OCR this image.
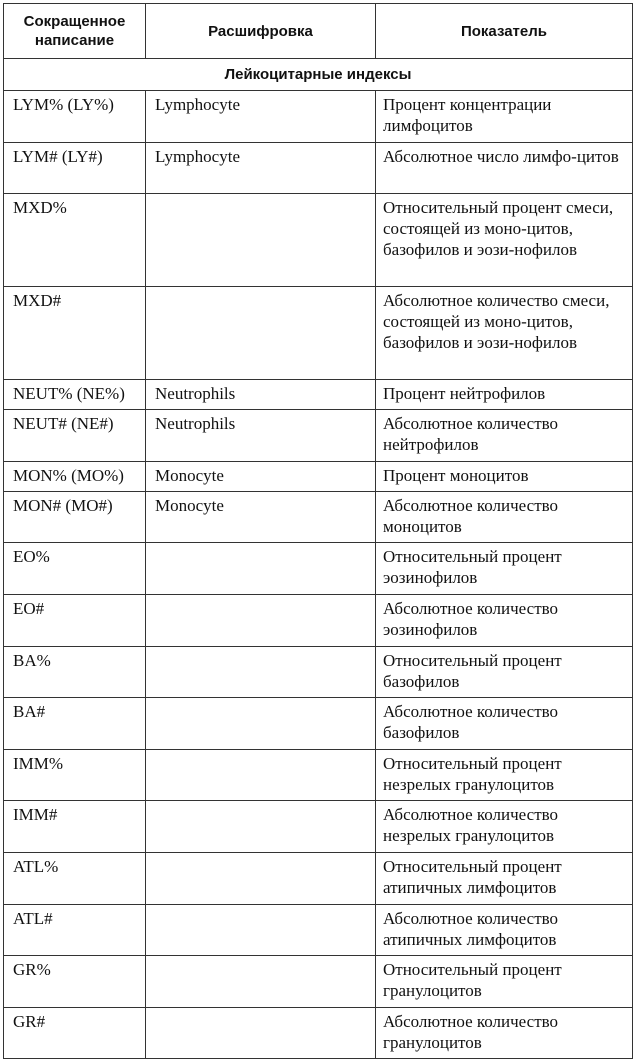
Сокращенное написание	Расшифровка	Показатель
Лейкоцитарные индексы		
LYM% (LY%)	Lymphocyte	Процент концентрации лимфоцитов
LYM# (LY#)	Lymphocyte	Абсолютное число лимфо-цитов
MXD%		Относительный процент смеси, состоящей из моно-цитов, базофилов и эози-нофилов
MXD#		Абсолютное количество смеси, состоящей из моно-цитов, базофилов и эози-нофилов
NEUT% (NE%)	Neutrophils	Процент нейтрофилов
NEUT# (NE#)	Neutrophils	Абсолютное количество нейтрофилов
MON% (MO%)	Monocyte	Процент моноцитов
MON# (MO#)	Monocyte	Абсолютное количество моноцитов
EO%		Относительный процент эозинофилов
EO#		Абсолютное количество эозинофилов
BA%		Относительный процент базофилов
BA#		Абсолютное количество базофилов
IMM%		Относительный процент незрелых гранулоцитов
IMM#		Абсолютное количество незрелых гранулоцитов
ATL%		Относительный процент атипичных лимфоцитов
ATL#		Абсолютное количество атипичных лимфоцитов
GR%		Относительный процент гранулоцитов
GR#		Абсолютное количество гранулоцитов
